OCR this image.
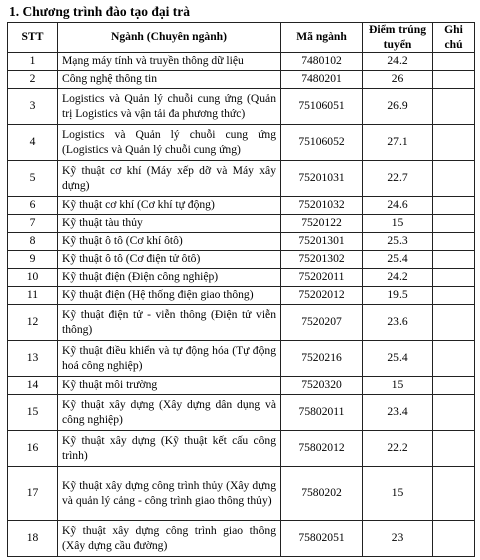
1. Chương trình đào tạo đại trà
STT	Ngành (Chuyên ngành)	Mã ngành	Điểm trúng tuyển	Ghi chú
1	Mạng máy tính và truyền thông dữ liệu	7480102	24.2	
2	Công nghệ thông tin	7480201	26	
3	Logistics và Quản lý chuỗi cung ứng (Quản trị Logistics và vận tải đa phương thức)	75106051	26.9	
4	Logistics và Quản lý chuỗi cung ứng (Logistics và Quản lý chuỗi cung ứng)	75106052	27.1	
5	Kỹ thuật cơ khí (Máy xếp dỡ và Máy xây dựng)	75201031	22.7	
6	Kỹ thuật cơ khí (Cơ khí tự động)	75201032	24.6	
7	Kỹ thuật tàu thủy	7520122	15	
8	Kỹ thuật ô tô (Cơ khí ôtô)	75201301	25.3	
9	Kỹ thuật ô tô (Cơ điện tử ôtô)	75201302	25.4	
10	Kỹ thuật điện (Điện công nghiệp)	75202011	24.2	
11	Kỹ thuật điện (Hệ thống điện giao thông)	75202012	19.5	
12	Kỹ thuật điện tử - viễn thông (Điện tử viễn thông)	7520207	23.6	
13	Kỹ thuật điều khiển và tự động hóa (Tự động hoá công nghiệp)	7520216	25.4	
14	Kỹ thuật môi trường	7520320	15	
15	Kỹ thuật xây dựng (Xây dựng dân dụng và công nghiệp)	75802011	23.4	
16	Kỹ thuật xây dựng (Kỹ thuật kết cấu công trình)	75802012	22.2	
17	Kỹ thuật xây dựng công trình thủy (Xây dựng và quản lý cảng - công trình giao thông thủy)	7580202	15	
18	Kỹ thuật xây dựng công trình giao thông (Xây dựng cầu đường)	75802051	23	
